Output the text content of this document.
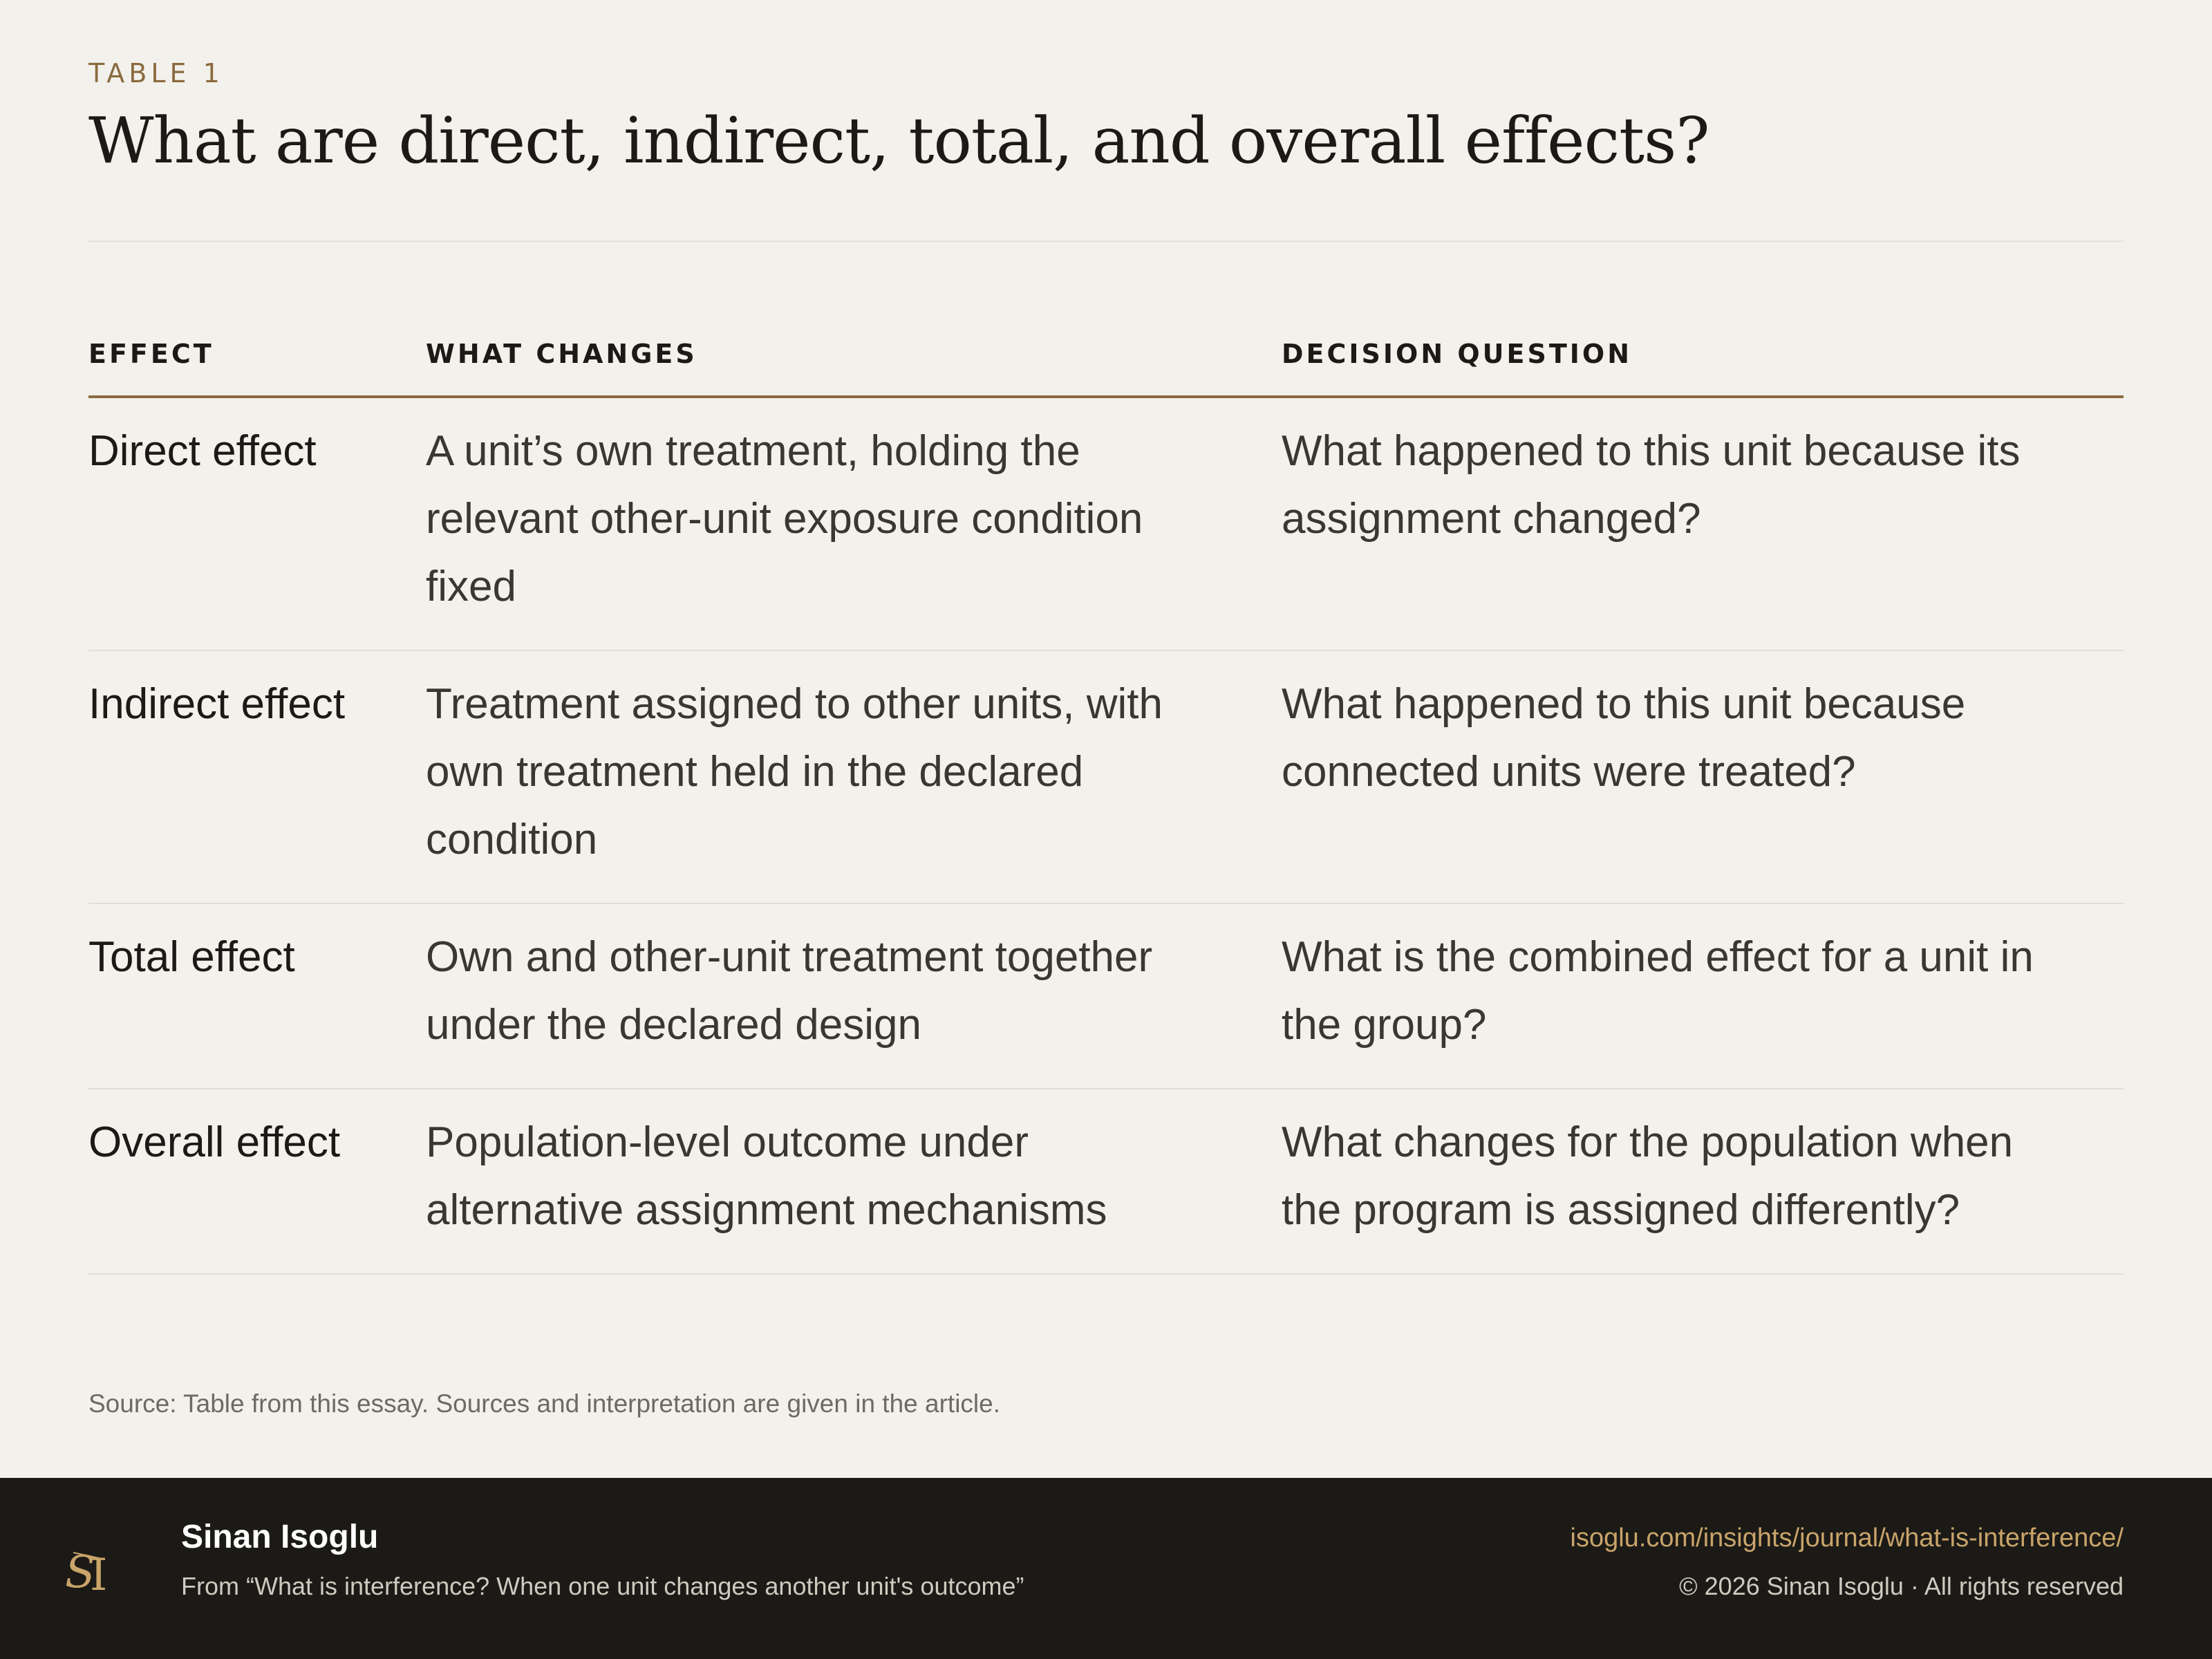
TABLE 1
What are direct, indirect, total, and overall effects?
EFFECT	WHAT CHANGES	DECISION QUESTION
Direct effect	A unit’s own treatment, holding the relevant other-unit exposure condition fixed	What happened to this unit because its assignment changed?
Indirect effect	Treatment assigned to other units, with own treatment held in the declared condition	What happened to this unit because connected units were treated?
Total effect	Own and other-unit treatment together under the declared design	What is the combined effect for a unit in the group?
Overall effect	Population-level outcome under alternative assignment mechanisms	What changes for the population when the program is assigned differently?
Source: Table from this essay. Sources and interpretation are given in the article.
S
I
Sinan Isoglu
From “What is interference? When one unit changes another unit's outcome”
isoglu.com/insights/journal/what-is-interference/
© 2026 Sinan Isoglu · All rights reserved
